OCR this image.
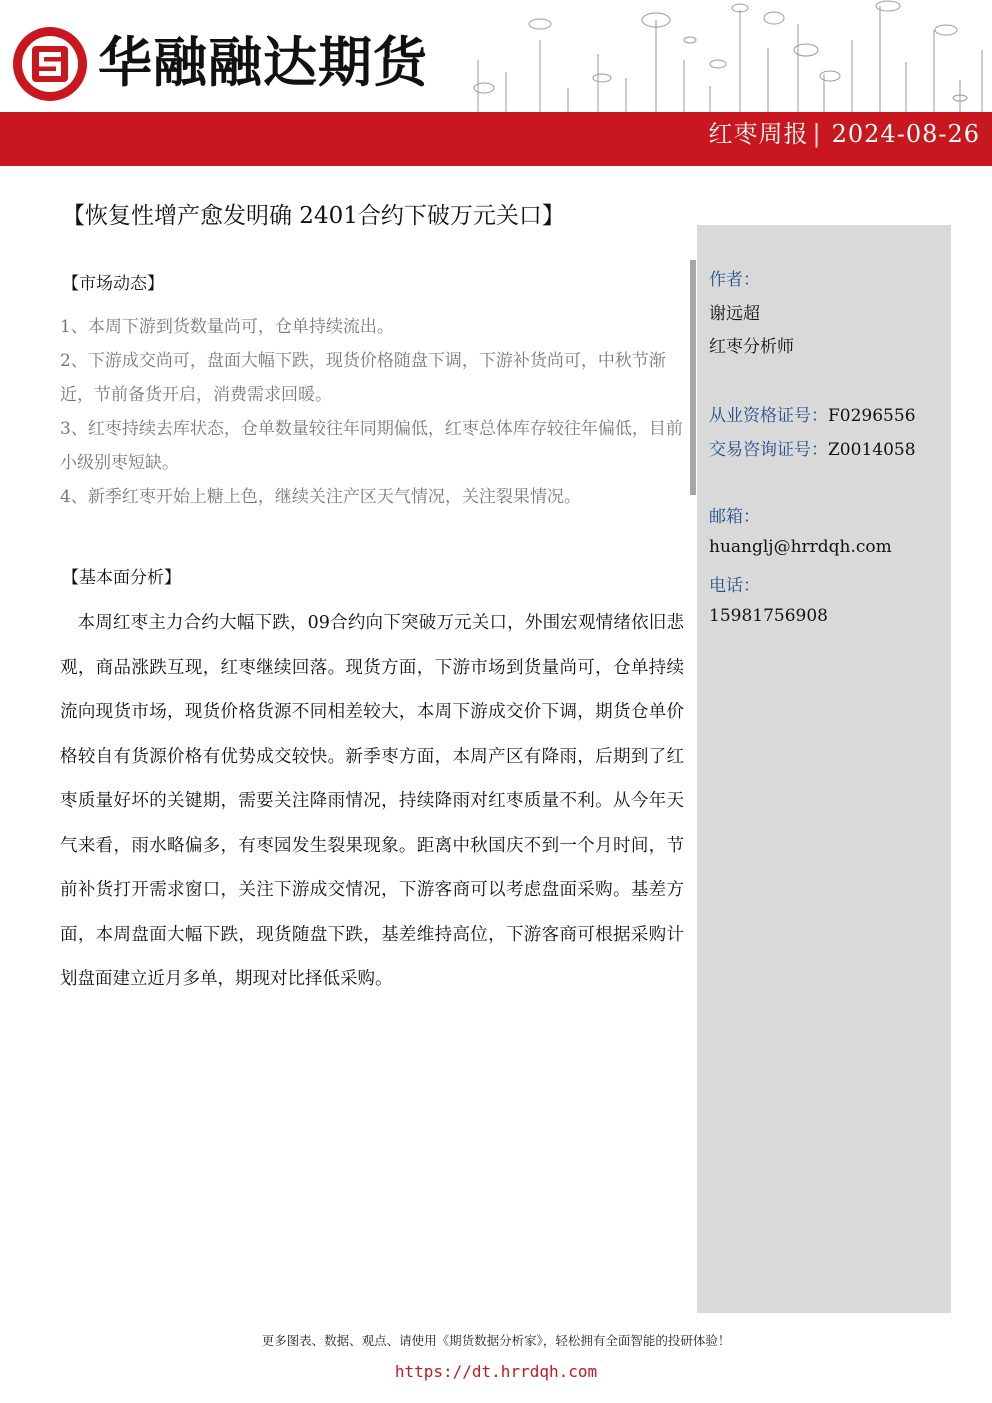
华融融达期货
红枣周报 | 2024-08-26
作者：
谢远超
红枣分析师
从业资格证号：F0296556
交易咨询证号：Z0014058
邮箱：
huanglj@hrrdqh.com
电话：
15981756908
【恢复性增产愈发明确 2401合约下破万元关口】
【市场动态】

1、本周下游到货数量尚可，仓单持续流出。

2、下游成交尚可，盘面大幅下跌，现货价格随盘下调，下游补货尚可，中秋节渐近，节前备货开启，消费需求回暖。

3、红枣持续去库状态，仓单数量较往年同期偏低，红枣总体库存较往年偏低，目前小级别枣短缺。

4、新季红枣开始上糖上色，继续关注产区天气情况，关注裂果情况。

【基本面分析】

本周红枣主力合约大幅下跌，09合约向下突破万元关口，外围宏观情绪依旧悲观，商品涨跌互现，红枣继续回落。现货方面，下游市场到货量尚可，仓单持续流向现货市场，现货价格货源不同相差较大，本周下游成交价下调，期货仓单价格较自有货源价格有优势成交较快。新季枣方面，本周产区有降雨，后期到了红枣质量好坏的关键期，需要关注降雨情况，持续降雨对红枣质量不利。从今年天气来看，雨水略偏多，有枣园发生裂果现象。距离中秋国庆不到一个月时间，节前补货打开需求窗口，关注下游成交情况，下游客商可以考虑盘面采购。基差方面，本周盘面大幅下跌，现货随盘下跌，基差维持高位，下游客商可根据采购计划盘面建立近月多单，期现对比择低采购。

更多图表、数据、观点、请使用《期货数据分析家》，轻松拥有全面智能的投研体验！
https://dt.hrrdqh.com
